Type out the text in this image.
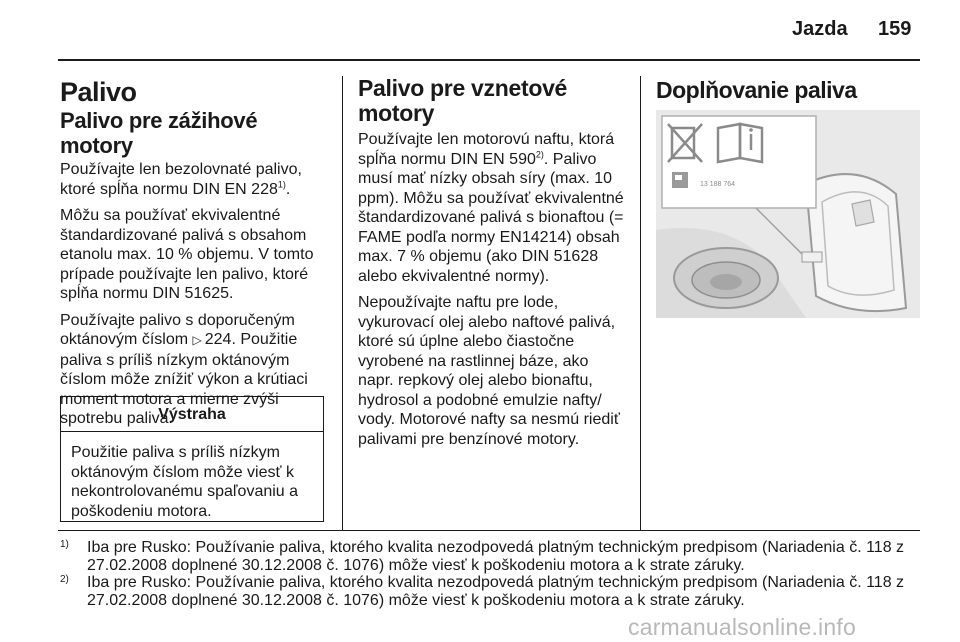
Jazda 159
Palivo
Palivo pre zážihové motory

Používajte len bezolovnaté palivo, ktoré spĺňa normu DIN EN 228$^{1)}$.

Môžu sa používať ekvivalentné štandardizované palivá s obsahom etanolu max. 10 % objemu. V tomto prípade používajte len palivo, ktoré spĺňa normu DIN 51625.

Používajte palivo s doporučeným oktánovým číslom ▷ 224. Použitie paliva s príliš nízkym oktánovým číslom môže znížiť výkon a krútiaci moment motora a mierne zvýši spotrebu paliva.

Výstraha
Použitie paliva s príliš nízkym oktánovým číslom môže viesť k nekontrolovanému spaľovaniu a poškodeniu motora.
Palivo pre vznetové motory

Používajte len motorovú naftu, ktorá spĺňa normu DIN EN 590$^{2)}$. Palivo musí mať nízky obsah síry (max. 10 ppm). Môžu sa používať ekvivalentné štandardizované palivá s bionaftou (= FAME podľa normy EN14214) obsah max. 7 % objemu (ako DIN 51628 alebo ekvivalentné normy).

Nepoužívajte naftu pre lode, vykurovací olej alebo naftové palivá, ktoré sú úplne alebo čiastočne vyrobené na rastlinnej báze, ako napr. repkový olej alebo bionaftu, hydrosol a podobné emulzie nafty/ vody. Motorové nafty sa nesmú riediť palivami pre benzínové motory.

Doplňovanie paliva
13 188 764
1) Iba pre Rusko: Používanie paliva, ktorého kvalita nezodpovedá platným technickým predpisom (Nariadenia č. 118 z 27.02.2008 doplnené 30.12.2008 č. 1076) môže viesť k poškodeniu motora a k strate záruky.
2) Iba pre Rusko: Používanie paliva, ktorého kvalita nezodpovedá platným technickým predpisom (Nariadenia č. 118 z 27.02.2008 doplnené 30.12.2008 č. 1076) môže viesť k poškodeniu motora a k strate záruky.
carmanualsonline.info
